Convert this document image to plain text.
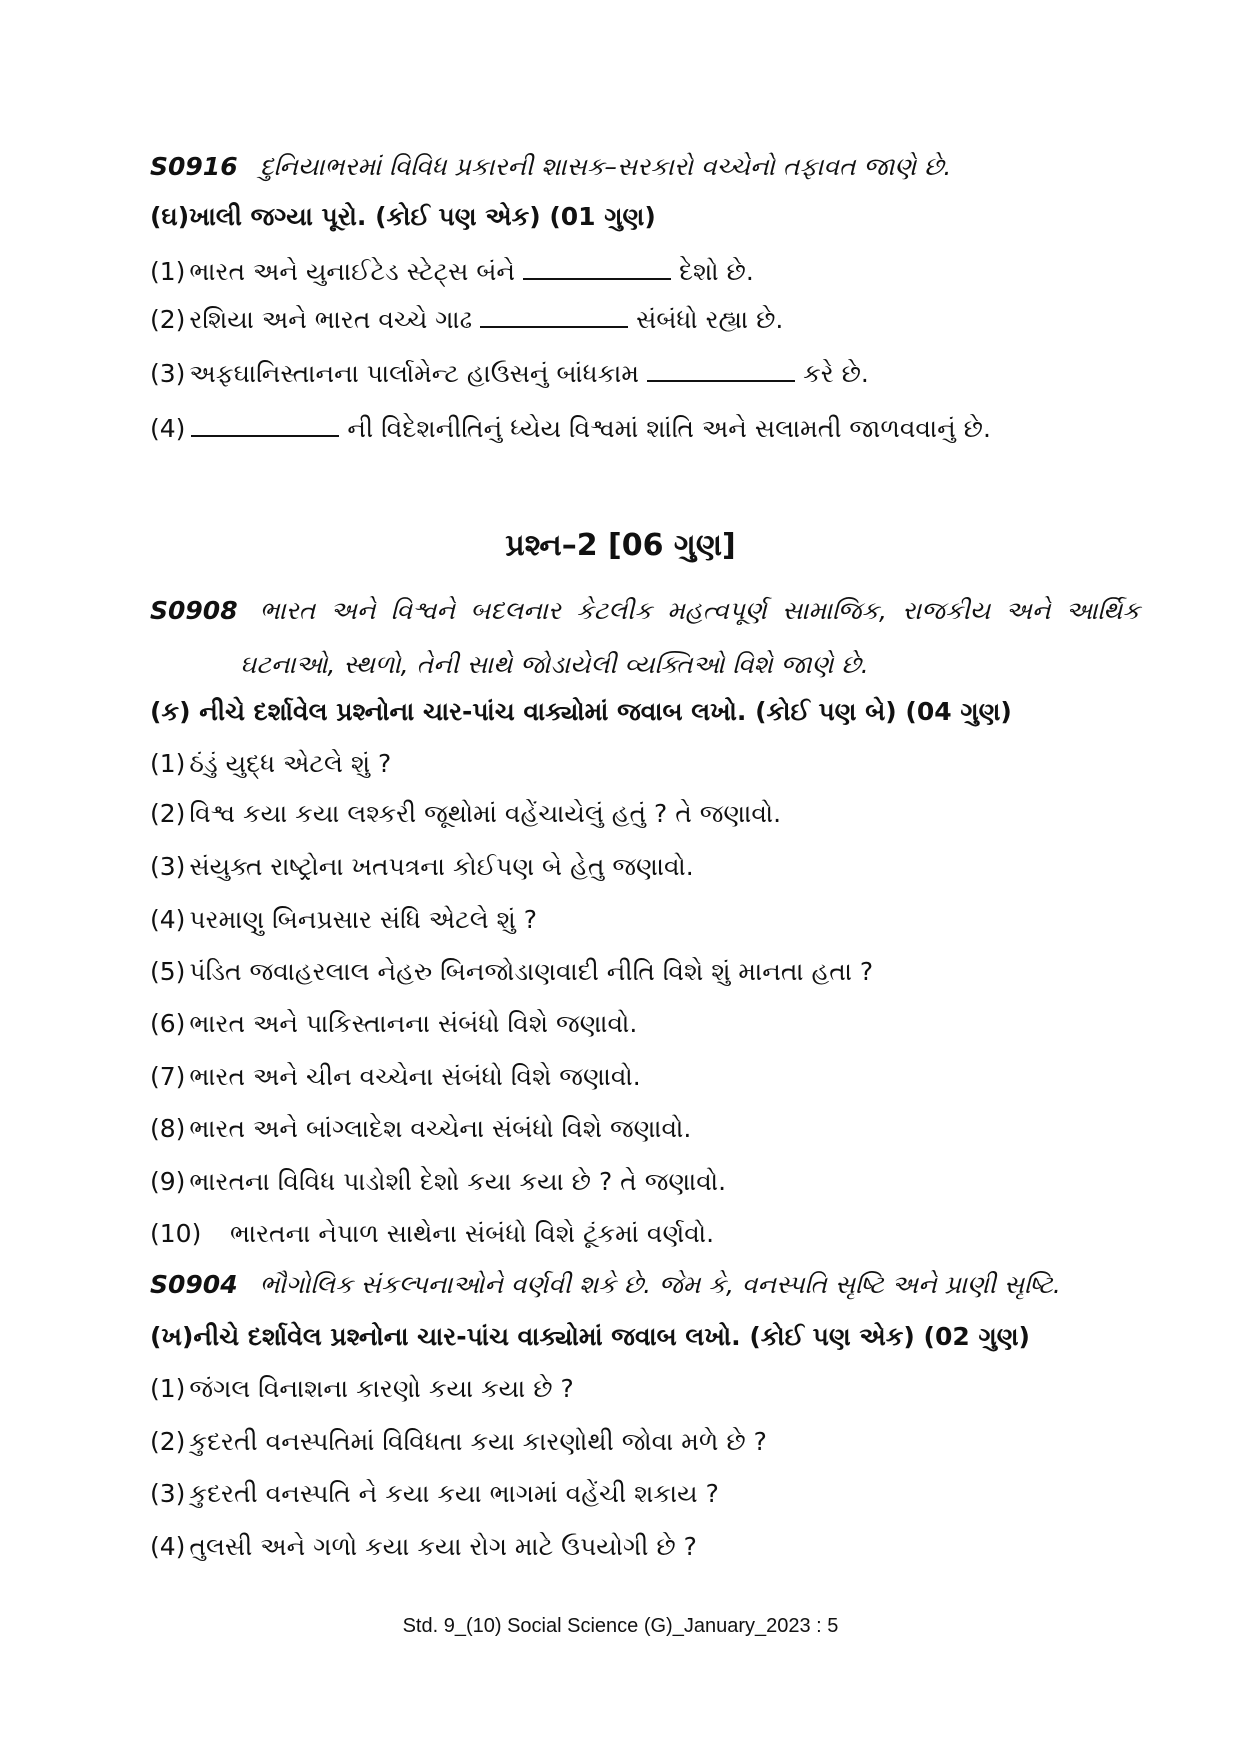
S0916 દુનિયાભરમાં વિવિધ પ્રકારની શાસક–સરકારો વચ્ચેનો તફાવત જાણે છે.
(ઘ)ખાલી જગ્યા પૂરો. (કોઈ પણ એક) (01 ગુણ)
(1) ભારત અને યુનાઈટેડ સ્ટેટ્સ બંને	દેશો છે.
(2) રશિયા અને ભારત વચ્ચે ગાઢ	સંબંધો રહ્યા છે.
(3) અફઘાનિસ્તાનના પાર્લામેન્ટ હાઉસનું બાંધકામ	કરે છે.
(4)	ની વિદેશનીતિનું ધ્યેય વિશ્વમાં શાંતિ અને સલામતી જાળવવાનું છે.
પ્રશ્ન–2 [06 ગુણ]
S0908 ભારત અને વિશ્વને બદલનાર કેટલીક મહત્વપૂર્ણ સામાજિક, રાજકીય અને આર્થિક
ઘટનાઓ, સ્થળો, તેની સાથે જોડાયેલી વ્યક્તિઓ વિશે જાણે છે.
(ક) નીચે દર્શાવેલ પ્રશ્નોના ચાર-પાંચ વાક્યોમાં જવાબ લખો. (કોઈ પણ બે) (04 ગુણ)
(1) ઠંડું યુદ્ધ એટલે શું ?
(2) વિશ્વ કયા કયા લશ્કરી જૂથોમાં વહેંચાયેલું હતું ? તે જણાવો.
(3) સંયુક્ત રાષ્ટ્રોના ખતપત્રના કોઈપણ બે હેતુ જણાવો.
(4) પરમાણુ બિનપ્રસાર સંધિ એટલે શું ?
(5) પંડિત જવાહરલાલ નેહરુ બિનજોડાણવાદી નીતિ વિશે શું માનતા હતા ?
(6) ભારત અને પાકિસ્તાનના સંબંધો વિશે જણાવો.
(7) ભારત અને ચીન વચ્ચેના સંબંધો વિશે જણાવો.
(8) ભારત અને બાંગ્લાદેશ વચ્ચેના સંબંધો વિશે જણાવો.
(9) ભારતના વિવિધ પાડોશી દેશો કયા કયા છે ? તે જણાવો.
(10) ભારતના નેપાળ સાથેના સંબંધો વિશે ટૂંકમાં વર્ણવો.
S0904 ભૌગોલિક સંકલ્પનાઓને વર્ણવી શકે છે. જેમ કે, વનસ્પતિ સૃષ્ટિ અને પ્રાણી સૃષ્ટિ.
(ખ)નીચે દર્શાવેલ પ્રશ્નોના ચાર-પાંચ વાક્યોમાં જવાબ લખો. (કોઈ પણ એક) (02 ગુણ)
(1) જંગલ વિનાશના કારણો કયા કયા છે ?
(2) કુદરતી વનસ્પતિમાં વિવિધતા કયા કારણોથી જોવા મળે છે ?
(3) કુદરતી વનસ્પતિ ને કયા કયા ભાગમાં વહેંચી શકાય ?
(4) તુલસી અને ગળો કયા કયા રોગ માટે ઉપયોગી છે ?
Std. 9_(10) Social Science (G)_January_2023 : 5
